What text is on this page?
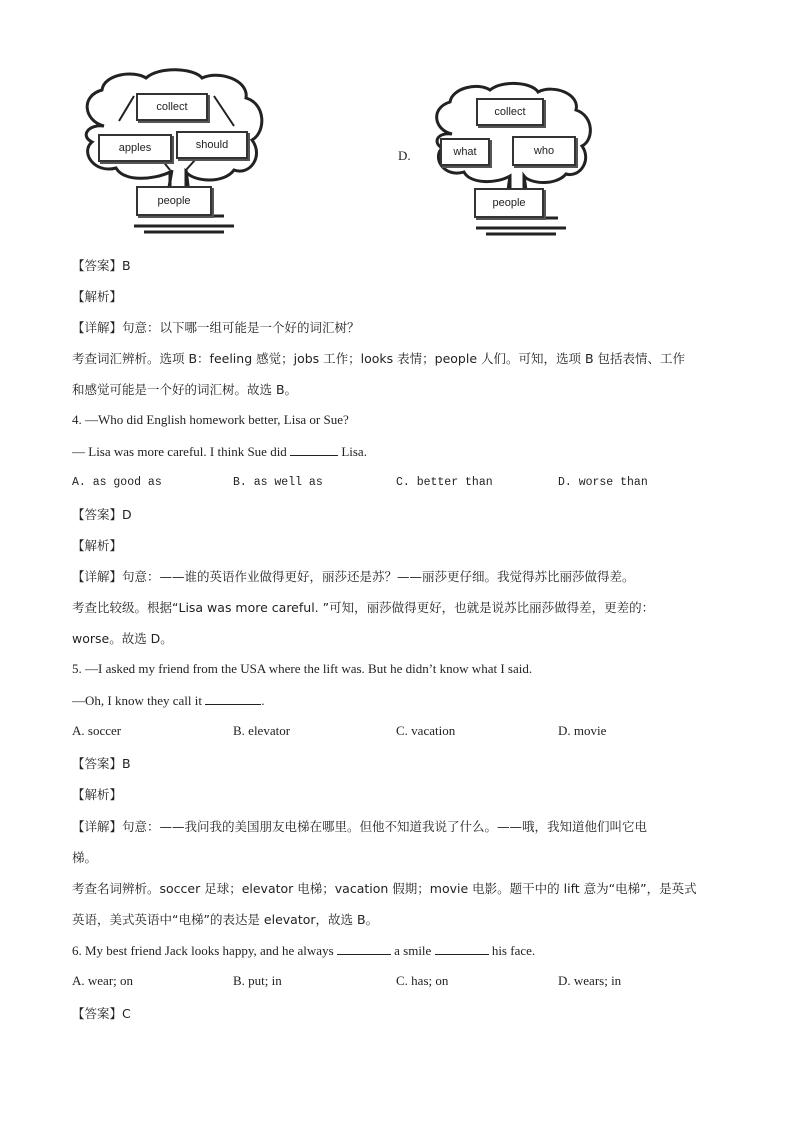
collect
apples	should
people
D.
collect
what	who
people
【答案】B
【解析】
【详解】句意：以下哪一组可能是一个好的词汇树？
考查词汇辨析。选项 B：feeling 感觉；jobs 工作；looks 表情；people 人们。可知，选项 B 包括表情、工作
和感觉可能是一个好的词汇树。故选 B。
4. —Who did English homework better, Lisa or Sue?
— Lisa was more careful. I think Sue did	Lisa.
A. as good as	B. as well as	C. better than	D. worse than
【答案】D
【解析】
【详解】句意：——谁的英语作业做得更好，丽莎还是苏？——丽莎更仔细。我觉得苏比丽莎做得差。
考查比较级。根据“Lisa was more careful. ”可知，丽莎做得更好，也就是说苏比丽莎做得差，更差的：
worse。故选 D。
5. —I asked my friend from the USA where the lift was. But he didn’t know what I said.
—Oh, I know they call it	.
A. soccer	B. elevator	C. vacation	D. movie
【答案】B
【解析】
【详解】句意：——我问我的美国朋友电梯在哪里。但他不知道我说了什么。——哦，我知道他们叫它电
梯。
考查名词辨析。soccer 足球；elevator 电梯；vacation 假期；movie 电影。题干中的 lift 意为“电梯”，是英式
英语，美式英语中“电梯”的表达是 elevator，故选 B。
6. My best friend Jack looks happy, and he always	a smile	his face.
A. wear; on	B. put; in	C. has; on	D. wears; in
【答案】C
